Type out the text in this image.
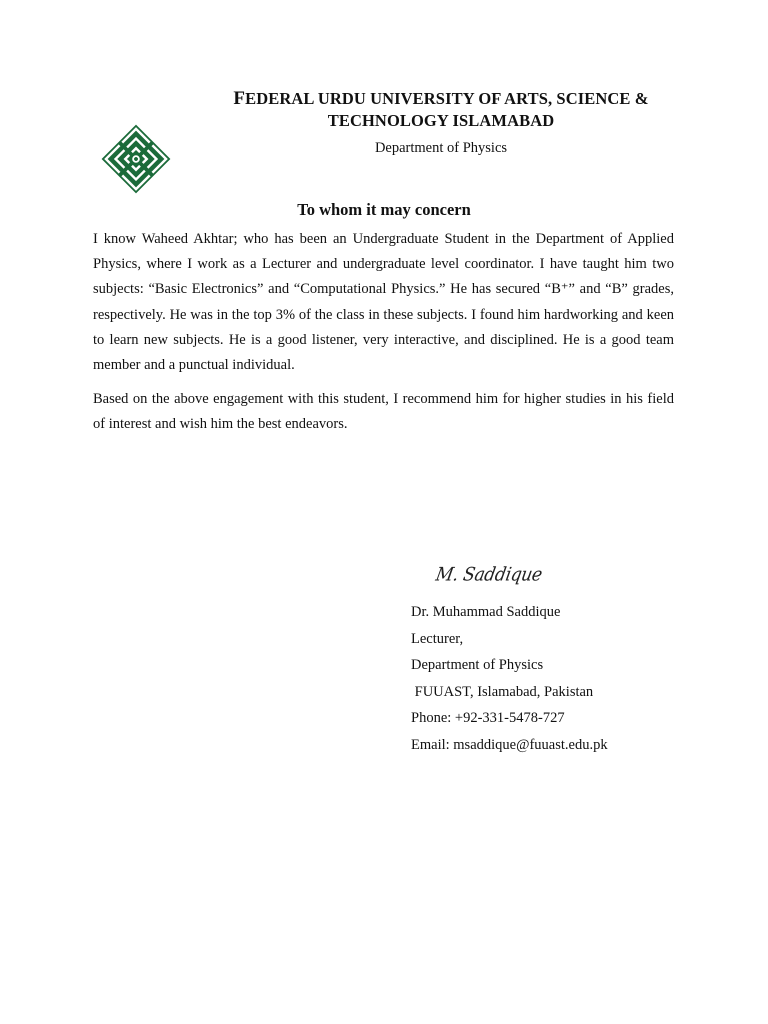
FEDERAL URDU UNIVERSITY OF ARTS, SCIENCE &
TECHNOLOGY ISLAMABAD
Department of Physics
To whom it may concern

I know Waheed Akhtar; who has been an Undergraduate Student in the Department of Applied Physics, where I work as a Lecturer and undergraduate level coordinator. I have taught him two subjects: “Basic Electronics” and “Computational Physics.” He has secured “B⁺” and “B” grades, respectively. He was in the top 3% of the class in these subjects. I found him hardworking and keen to learn new subjects. He is a good listener, very interactive, and disciplined. He is a good team member and a punctual individual.

Based on the above engagement with this student, I recommend him for higher studies in his field of interest and wish him the best endeavors.

M. Saddique
Dr. Muhammad Saddique
Lecturer,
Department of Physics
FUUAST, Islamabad, Pakistan
Phone: +92-331-5478-727
Email: msaddique@fuuast.edu.pk
